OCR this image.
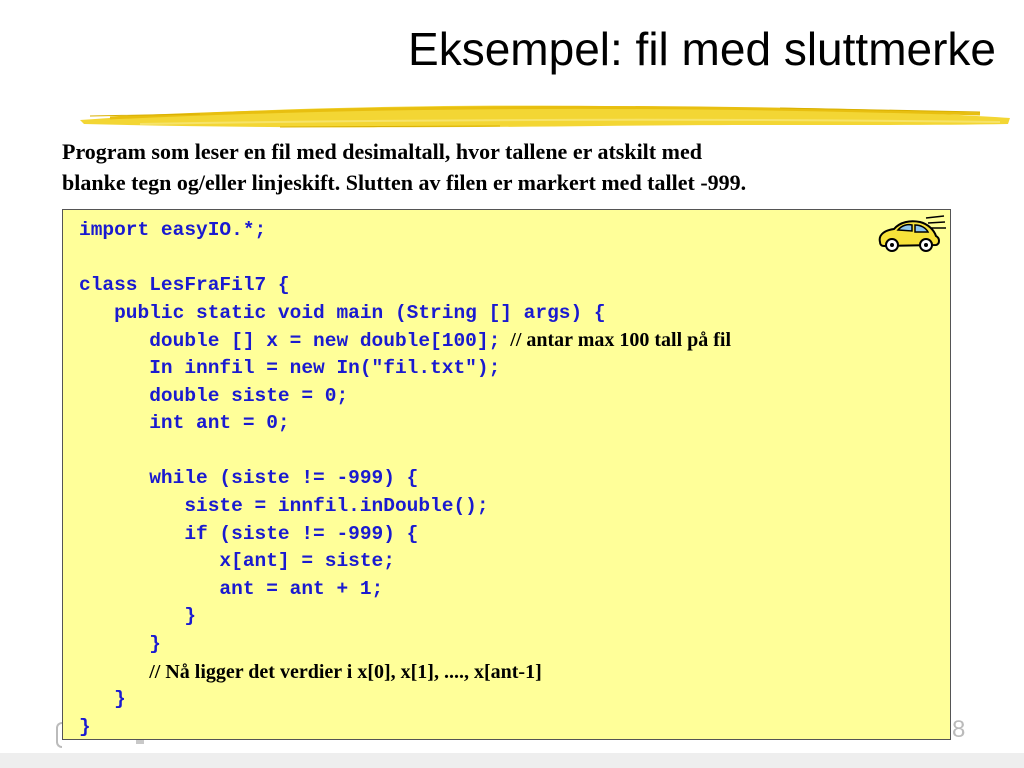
Eksempel: fil med sluttmerke

Program som leser en fil med desimaltall, hvor tallene er atskilt med
blanke tegn og/eller linjeskift. Slutten av filen er markert med tallet -999.

import easyIO.*;
class LesFraFil7 {
public static void main (String [] args) {
double [] x = new double[100];  // antar max 100 tall på fil
In innfil = new In("fil.txt");
double siste = 0;
int ant = 0;
while (siste != -999) {
siste = innfil.inDouble();
if (siste != -999) {
x[ant] = siste;
ant = ant + 1;
}
}
// Nå ligger det verdier i x[0], x[1], ...., x[ant-1]
}
}	8
